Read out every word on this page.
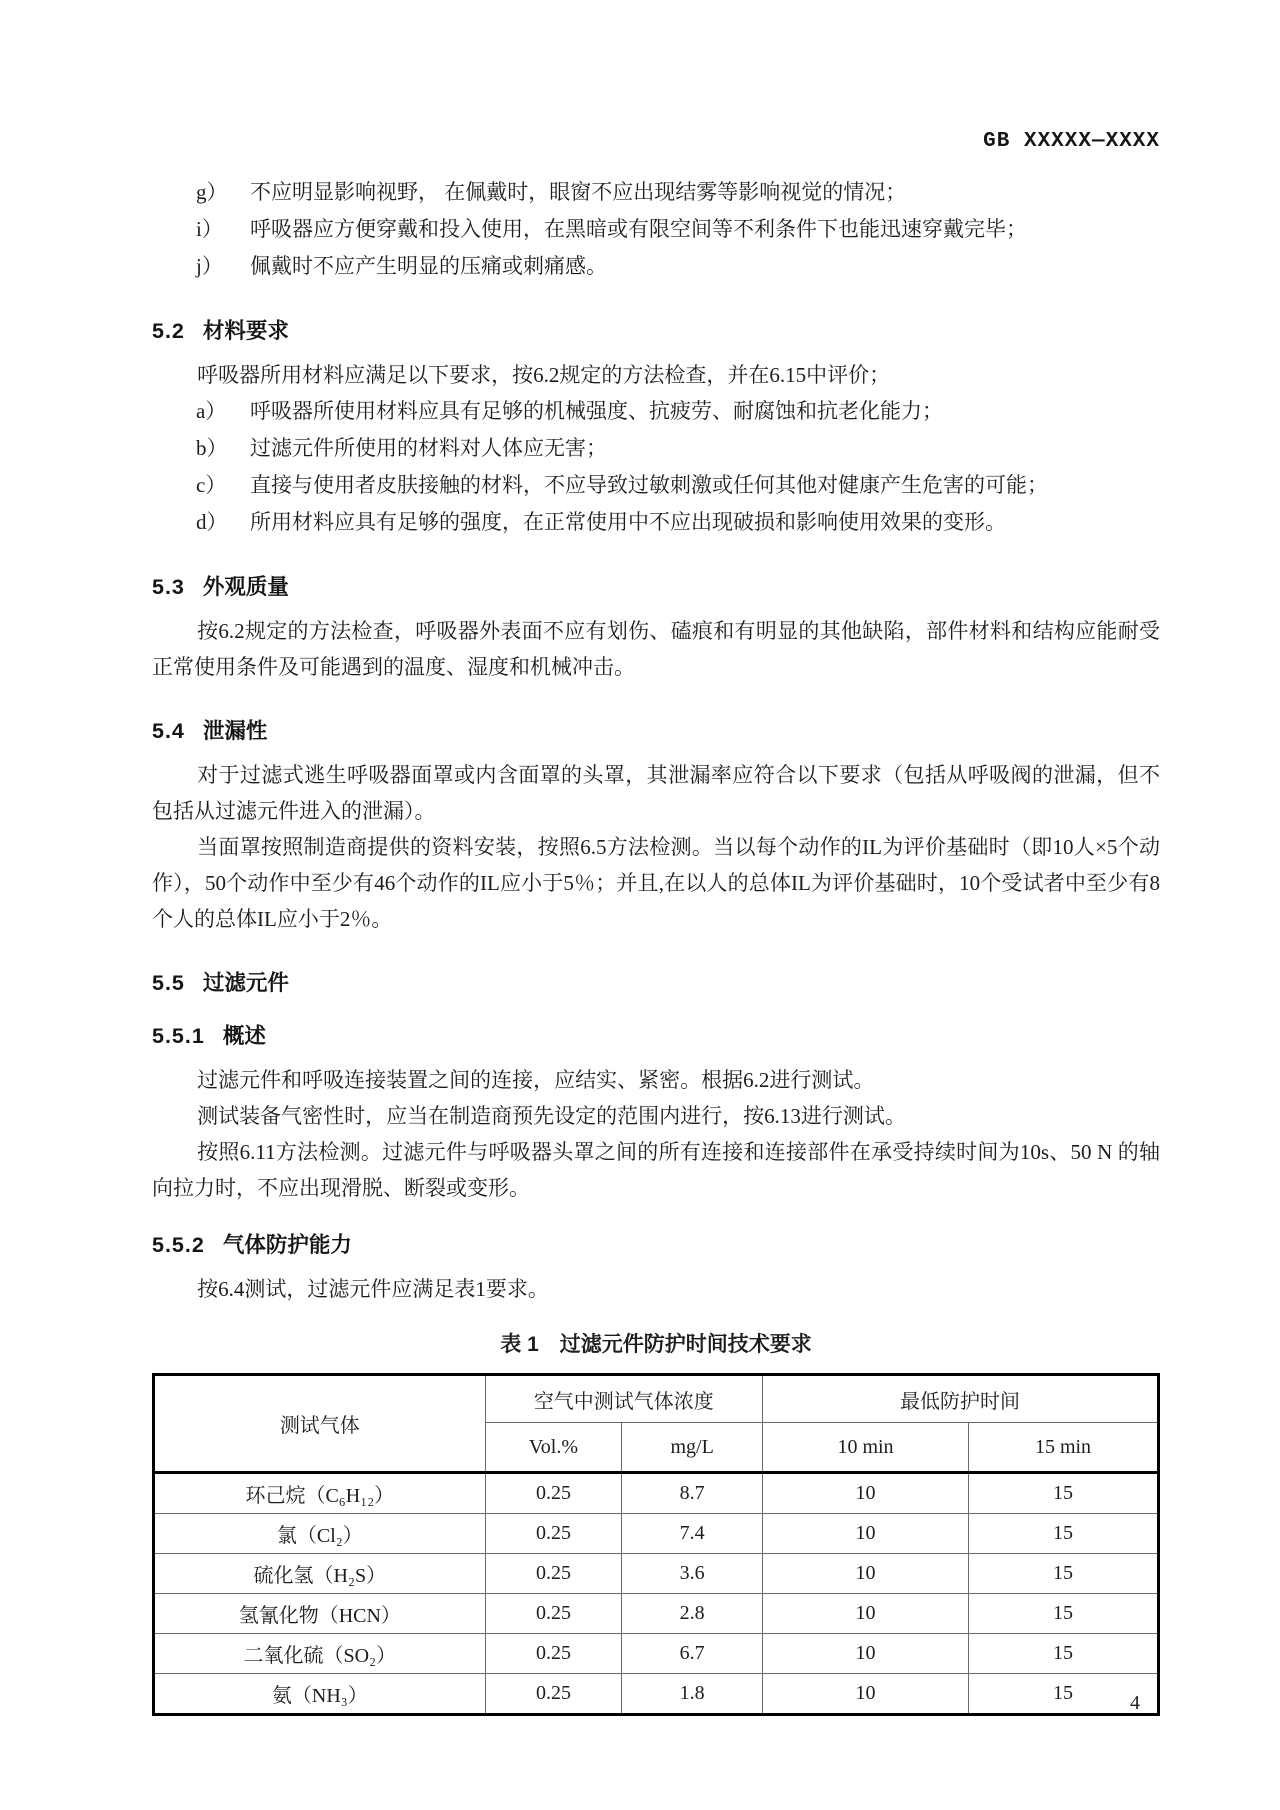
GB XXXXX—XXXX
g）	不应明显影响视野， 在佩戴时，眼窗不应出现结雾等影响视觉的情况；
i）	呼吸器应方便穿戴和投入使用，在黑暗或有限空间等不利条件下也能迅速穿戴完毕；
j）	佩戴时不应产生明显的压痛或刺痛感。
5.2 材料要求

呼吸器所用材料应满足以下要求，按6.2规定的方法检查，并在6.15中评价；

a）	呼吸器所使用材料应具有足够的机械强度、抗疲劳、耐腐蚀和抗老化能力；
b）	过滤元件所使用的材料对人体应无害；
c）	直接与使用者皮肤接触的材料，不应导致过敏刺激或任何其他对健康产生危害的可能；
d）	所用材料应具有足够的强度，在正常使用中不应出现破损和影响使用效果的变形。
5.3 外观质量

按6.2规定的方法检查，呼吸器外表面不应有划伤、磕痕和有明显的其他缺陷，部件材料和结构应能耐受正常使用条件及可能遇到的温度、湿度和机械冲击。

5.4 泄漏性

对于过滤式逃生呼吸器面罩或内含面罩的头罩，其泄漏率应符合以下要求（包括从呼吸阀的泄漏，但不包括从过滤元件进入的泄漏）。

当面罩按照制造商提供的资料安装，按照6.5方法检测。当以每个动作的IL为评价基础时（即10人×5个动作），50个动作中至少有46个动作的IL应小于5％；并且,在以人的总体IL为评价基础时，10个受试者中至少有8个人的总体IL应小于2％。

5.5 过滤元件
5.5.1 概述

过滤元件和呼吸连接装置之间的连接，应结实、紧密。根据6.2进行测试。

测试装备气密性时，应当在制造商预先设定的范围内进行，按6.13进行测试。

按照6.11方法检测。过滤元件与呼吸器头罩之间的所有连接和连接部件在承受持续时间为10s、50 N 的轴向拉力时，不应出现滑脱、断裂或变形。

5.5.2 气体防护能力

按6.4测试，过滤元件应满足表1要求。

表 1　过滤元件防护时间技术要求
测试气体	空气中测试气体浓度		最低防护时间	
	Vol.%	mg/L	10 min	15 min
环己烷（C₆H₁₂）	0.25	8.7	10	15
氯（Cl₂）	0.25	7.4	10	15
硫化氢（H₂S）	0.25	3.6	10	15
氢氰化物（HCN）	0.25	2.8	10	15
二氧化硫（SO₂）	0.25	6.7	10	15
氨（NH₃）	0.25	1.8	10	15	4
